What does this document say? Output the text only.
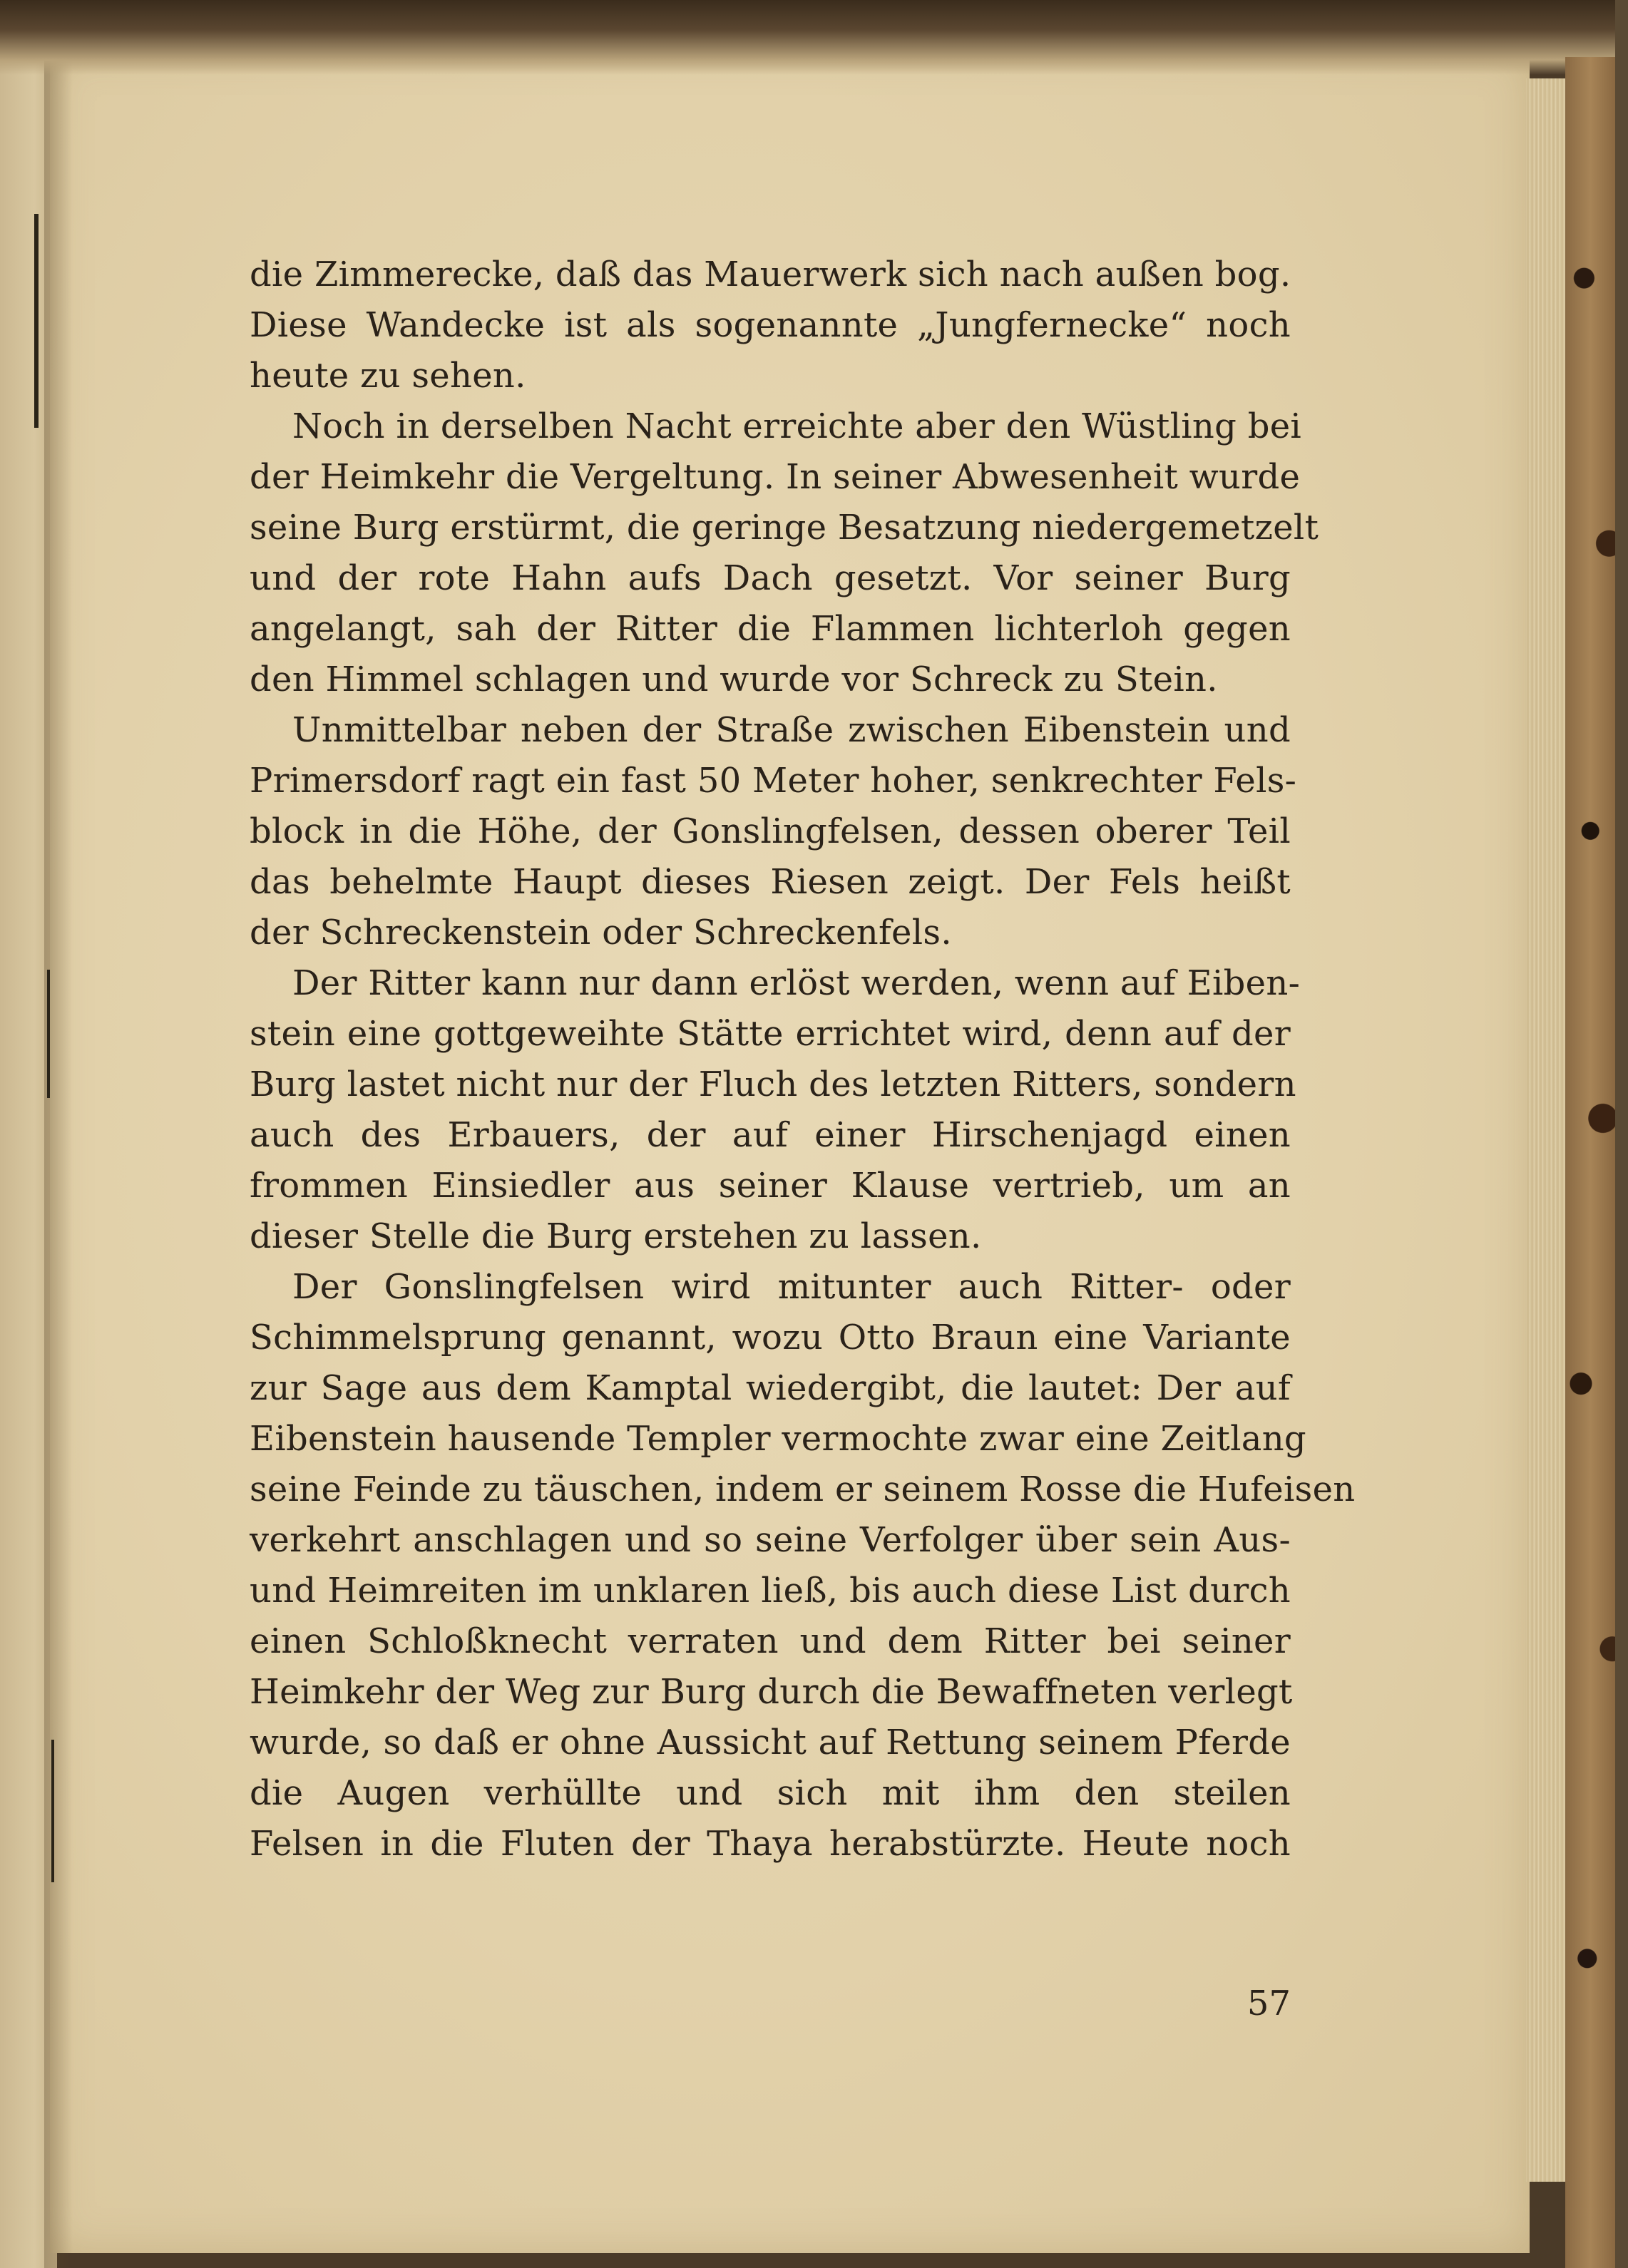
die Zimmerecke, daß das Mauerwerk sich nach außen bog.
Diese Wandecke ist als sogenannte „Jungfernecke“ noch
heute zu sehen.
Noch in derselben Nacht erreichte aber den Wüstling bei
der Heimkehr die Vergeltung. In seiner Abwesenheit wurde
seine Burg erstürmt, die geringe Besatzung niedergemetzelt
und der rote Hahn aufs Dach gesetzt. Vor seiner Burg
angelangt, sah der Ritter die Flammen lichterloh gegen
den Himmel schlagen und wurde vor Schreck zu Stein.
Unmittelbar neben der Straße zwischen Eibenstein und
Primersdorf ragt ein fast 50 Meter hoher, senkrechter Fels-
block in die Höhe, der Gonslingfelsen, dessen oberer Teil
das behelmte Haupt dieses Riesen zeigt. Der Fels heißt
der Schreckenstein oder Schreckenfels.
Der Ritter kann nur dann erlöst werden, wenn auf Eiben-
stein eine gottgeweihte Stätte errichtet wird, denn auf der
Burg lastet nicht nur der Fluch des letzten Ritters, sondern
auch des Erbauers, der auf einer Hirschenjagd einen
frommen Einsiedler aus seiner Klause vertrieb, um an
dieser Stelle die Burg erstehen zu lassen.
Der Gonslingfelsen wird mitunter auch Ritter- oder
Schimmelsprung genannt, wozu Otto Braun eine Variante
zur Sage aus dem Kamptal wiedergibt, die lautet: Der auf
Eibenstein hausende Templer vermochte zwar eine Zeitlang
seine Feinde zu täuschen, indem er seinem Rosse die Hufeisen
verkehrt anschlagen und so seine Verfolger über sein Aus-
und Heimreiten im unklaren ließ, bis auch diese List durch
einen Schloßknecht verraten und dem Ritter bei seiner
Heimkehr der Weg zur Burg durch die Bewaffneten verlegt
wurde, so daß er ohne Aussicht auf Rettung seinem Pferde
die Augen verhüllte und sich mit ihm den steilen
Felsen in die Fluten der Thaya herabstürzte. Heute noch
57
